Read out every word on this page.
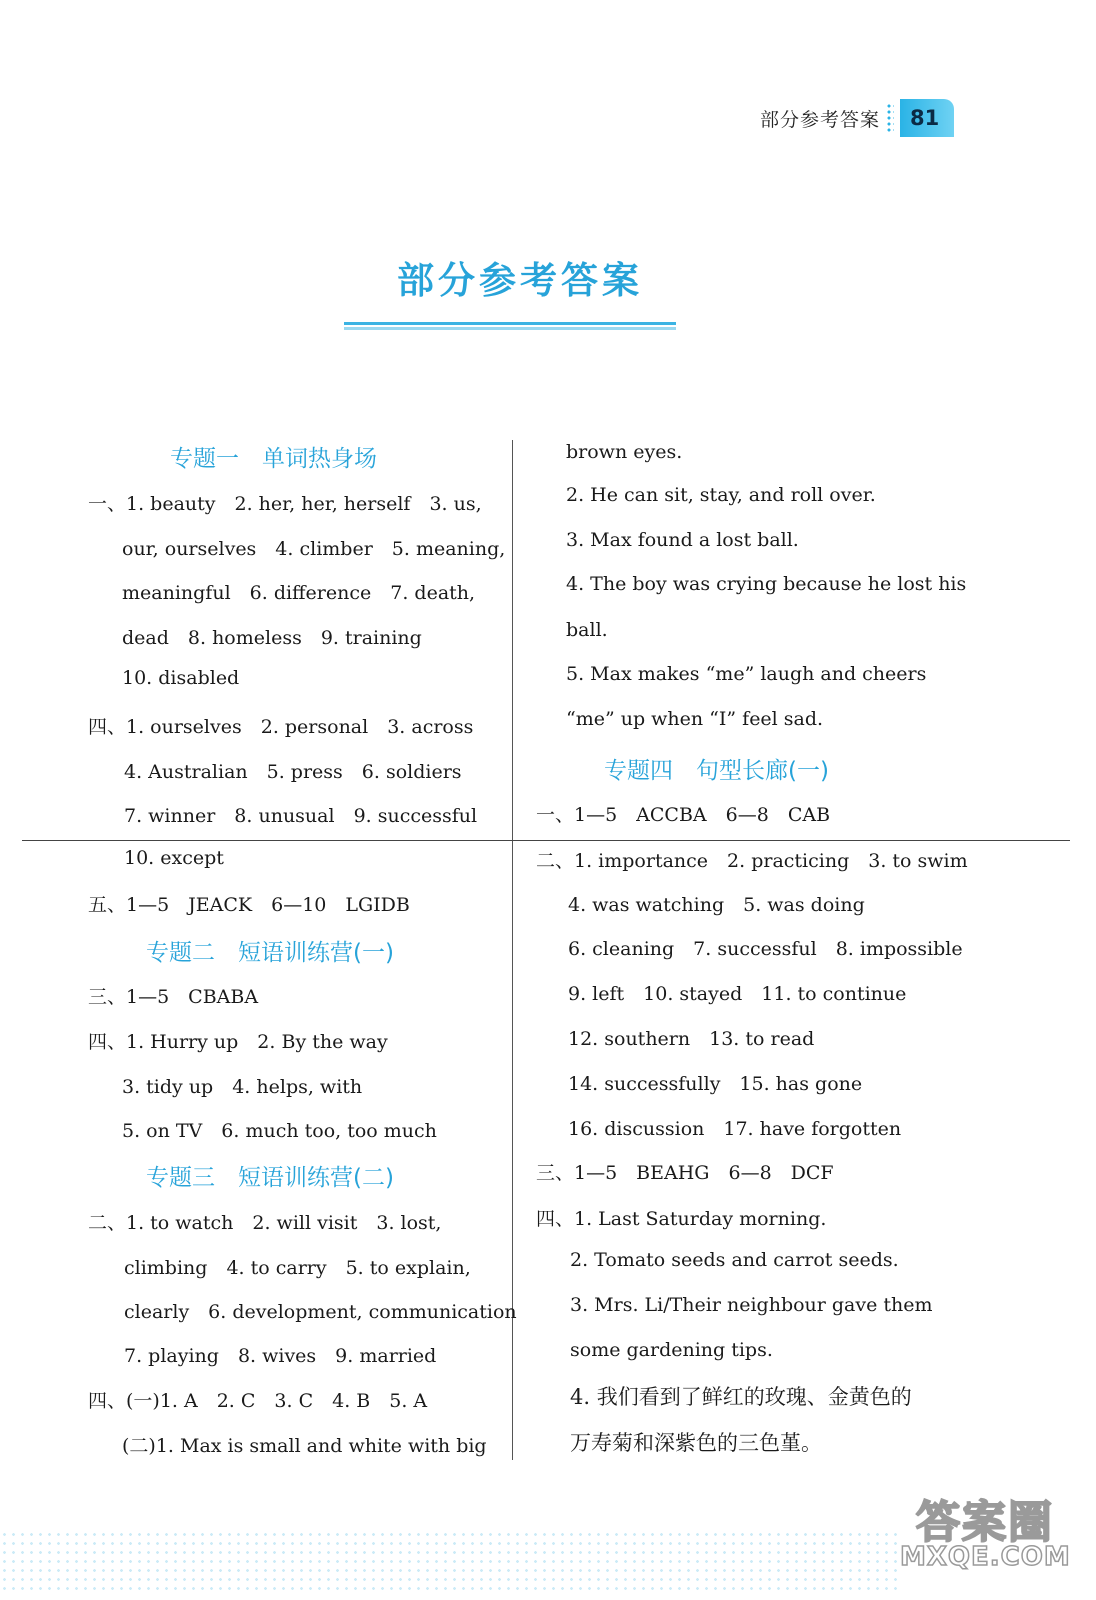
部分参考答案	81
部分参考答案
专题一　单词热身场
一、1. beauty　2. her, her, herself　3. us,
our, ourselves　4. climber　5. meaning,
meaningful　6. difference　7. death,
dead　8. homeless　9. training
10. disabled
四、1. ourselves　2. personal　3. across
4. Australian　5. press　6. soldiers
7. winner　8. unusual　9. successful
10. except
五、1—5　JEACK　6—10　LGIDB
专题二　短语训练营(一)
三、1—5　CBABA
四、1. Hurry up　2. By the way
3. tidy up　4. helps, with
5. on TV　6. much too, too much
专题三　短语训练营(二)
二、1. to watch　2. will visit　3. lost,
climbing　4. to carry　5. to explain,
clearly　6. development, communication
7. playing　8. wives　9. married
四、(一)1. A　2. C　3. C　4. B　5. A
(二)1. Max is small and white with big
brown eyes.
2. He can sit, stay, and roll over.
3. Max found a lost ball.
4. The boy was crying because he lost his
ball.
5. Max makes “me” laugh and cheers
“me” up when “I” feel sad.
专题四　句型长廊(一)
一、1—5　ACCBA　6—8　CAB
二、1. importance　2. practicing　3. to swim
4. was watching　5. was doing
6. cleaning　7. successful　8. impossible
9. left　10. stayed　11. to continue
12. southern　13. to read
14. successfully　15. has gone
16. discussion　17. have forgotten
三、1—5　BEAHG　6—8　DCF
四、1. Last Saturday morning.
2. Tomato seeds and carrot seeds.
3. Mrs. Li/Their neighbour gave them
some gardening tips.
4. 我们看到了鲜红的玫瑰、金黄色的
万寿菊和深紫色的三色堇。
答案圈
MXQE.COM
